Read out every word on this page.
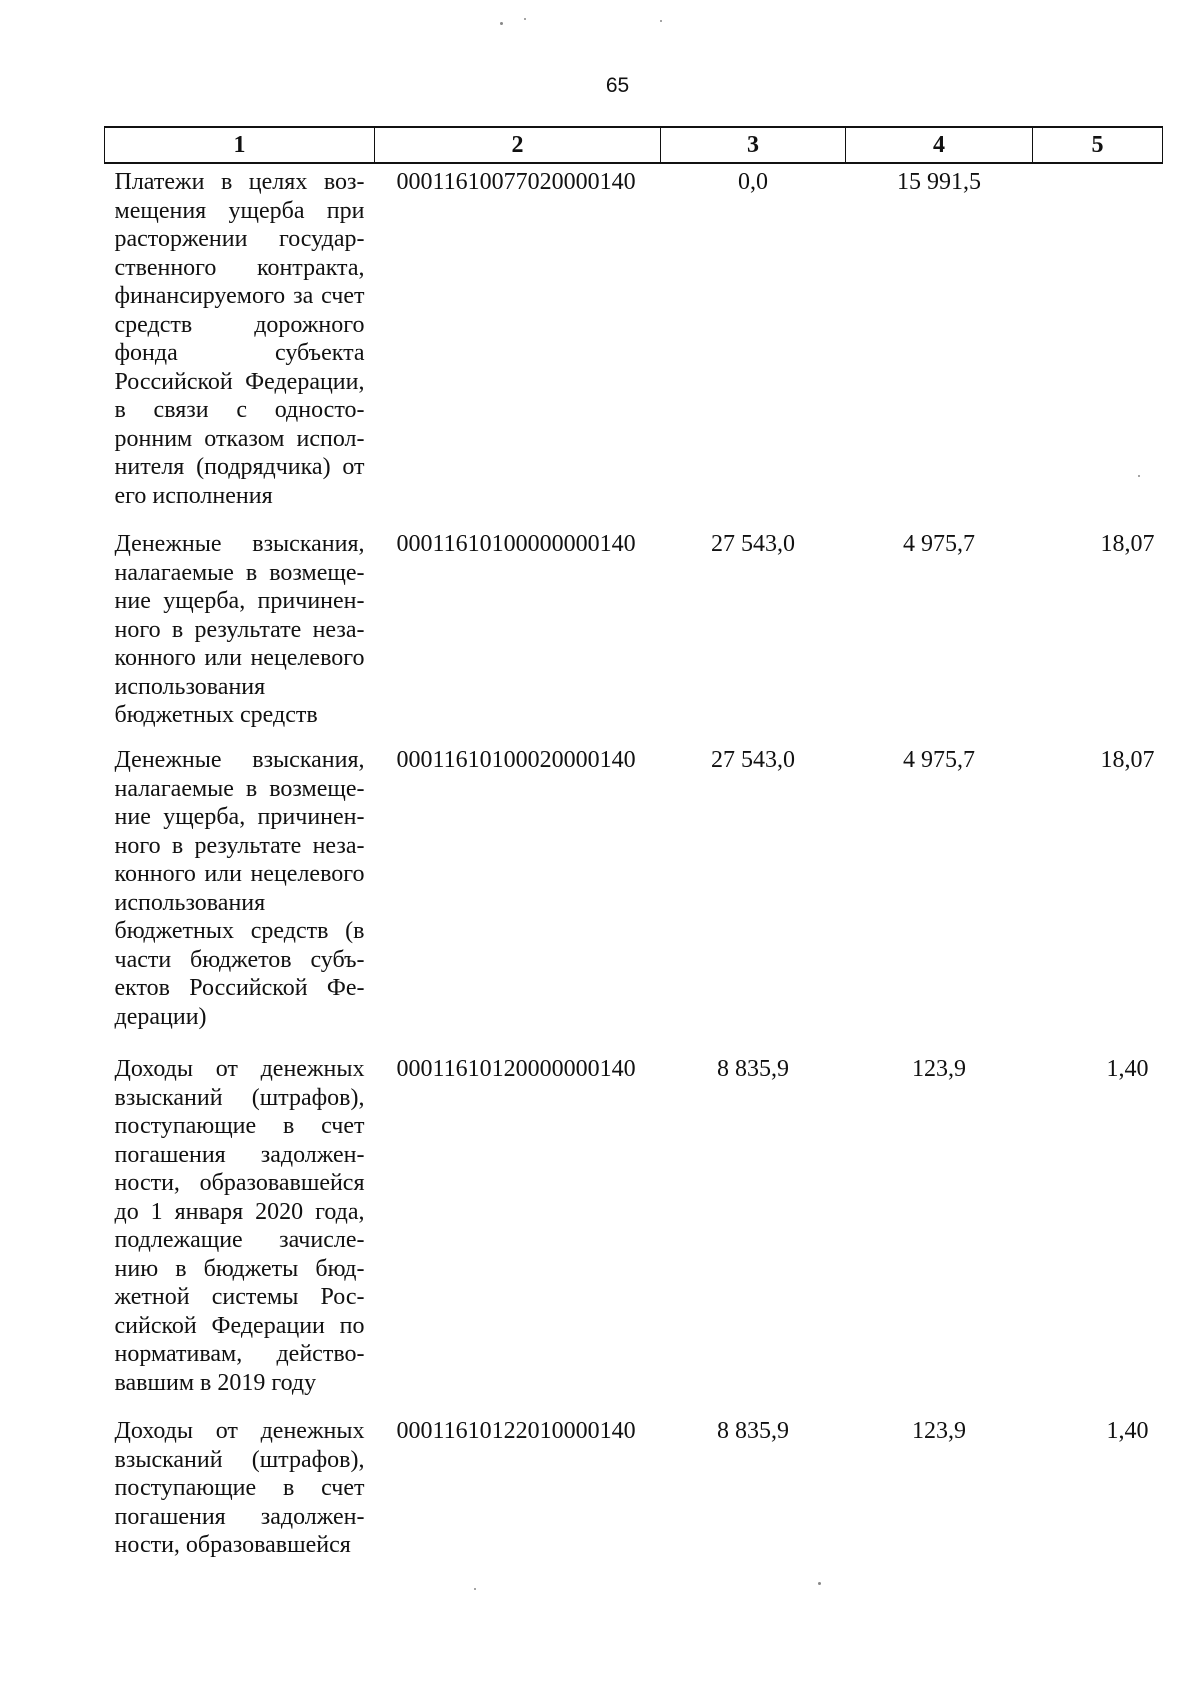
65
1	2	3	4	5
Платежи в целях возмещения ущерба при расторжении государственного контракта, финансируемого за счет средств дорожного фонда субъекта Российской Федерации, в связи с односторонним отказом исполнителя (подрядчика) от его исполнения	00011610077020000140	0,0	15 991,5	
Денежные взыскания, налагаемые в возмещение ущерба, причиненного в результате незаконного или нецелевого использования бюджетных средств	00011610100000000140	27 543,0	4 975,7	18,07
Денежные взыскания, налагаемые в возмещение ущерба, причиненного в результате незаконного или нецелевого использования бюджетных средств (в части бюджетов субъектов Российской Федерации)	00011610100020000140	27 543,0	4 975,7	18,07
Доходы от денежных взысканий (штрафов), поступающие в счет погашения задолженности, образовавшейся до 1 января 2020 года, подлежащие зачислению в бюджеты бюджетной системы Российской Федерации по нормативам, действовавшим в 2019 году	00011610120000000140	8 835,9	123,9	1,40
Доходы от денежных взысканий (штрафов), поступающие в счет погашения задолженности, образовавшейся	00011610122010000140	8 835,9	123,9	1,40
